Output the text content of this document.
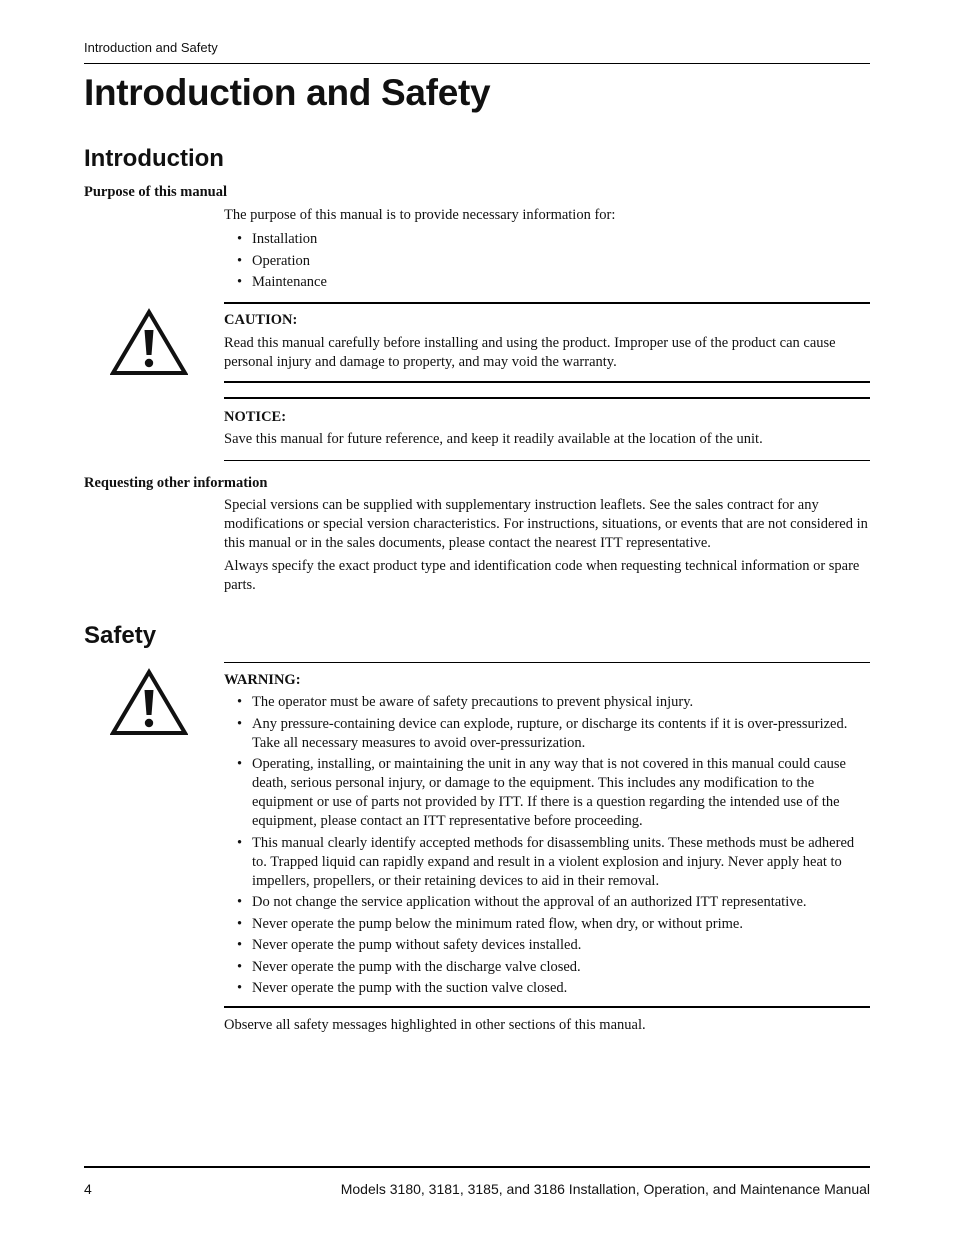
Introduction and Safety
Introduction and Safety
Introduction
Purpose of this manual
The purpose of this manual is to provide necessary information for:
• Installation
• Operation
• Maintenance
CAUTION:
Read this manual carefully before installing and using the product. Improper use of the product can cause personal injury and damage to property, and may void the warranty.
NOTICE:
Save this manual for future reference, and keep it readily available at the location of the unit.
Requesting other information
Special versions can be supplied with supplementary instruction leaflets. See the sales contract for any modifications or special version characteristics. For instructions, situations, or events that are not considered in this manual or in the sales documents, please contact the nearest ITT representative.
Always specify the exact product type and identification code when requesting technical information or spare parts.
Safety
WARNING:
• The operator must be aware of safety precautions to prevent physical injury.
• Any pressure-containing device can explode, rupture, or discharge its contents if it is over-pressurized. Take all necessary measures to avoid over-pressurization.
• Operating, installing, or maintaining the unit in any way that is not covered in this manual could cause death, serious personal injury, or damage to the equipment. This includes any modification to the equipment or use of parts not provided by ITT. If there is a question regarding the intended use of the equipment, please contact an ITT representative before proceeding.
• This manual clearly identify accepted methods for disassembling units. These methods must be adhered to. Trapped liquid can rapidly expand and result in a violent explosion and injury. Never apply heat to impellers, propellers, or their retaining devices to aid in their removal.
• Do not change the service application without the approval of an authorized ITT representative.
• Never operate the pump below the minimum rated flow, when dry, or without prime.
• Never operate the pump without safety devices installed.
• Never operate the pump with the discharge valve closed.
• Never operate the pump with the suction valve closed.
Observe all safety messages highlighted in other sections of this manual.
4	Models 3180, 3181, 3185, and 3186 Installation, Operation, and Maintenance Manual
